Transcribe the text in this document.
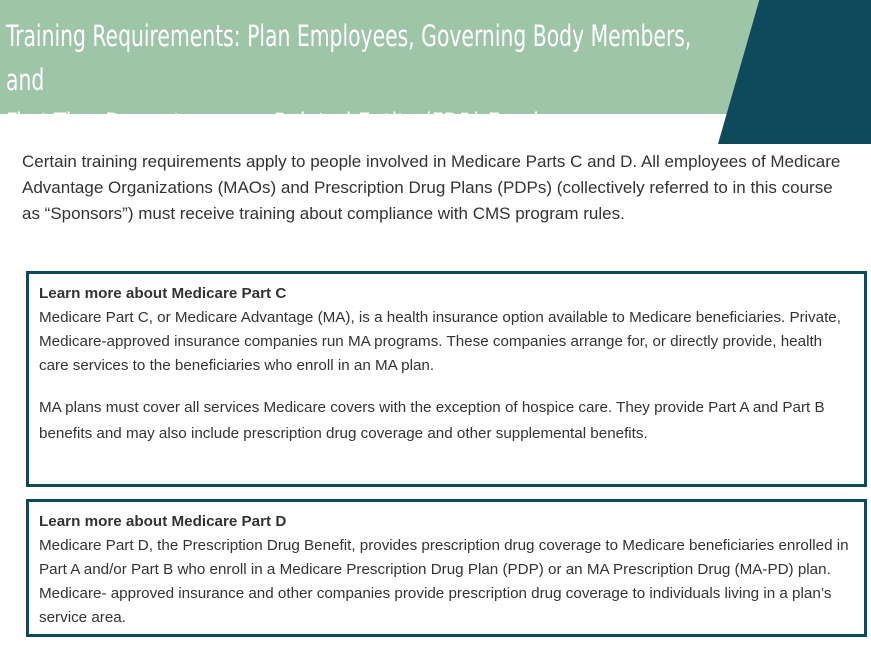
Training Requirements: Plan Employees, Governing Body Members, and
First-Tier, Downstream, or Related Entity (FDR) Employees

Certain training requirements apply to people involved in Medicare Parts C and D. All employees of Medicare Advantage Organizations (MAOs) and Prescription Drug Plans (PDPs) (collectively referred to in this course as “Sponsors”) must receive training about compliance with CMS program rules.

Learn more about Medicare Part C

Medicare Part C, or Medicare Advantage (MA), is a health insurance option available to Medicare beneficiaries. Private, Medicare-approved insurance companies run MA programs. These companies arrange for, or directly provide, health care services to the beneficiaries who enroll in an MA plan.

MA plans must cover all services Medicare covers with the exception of hospice care. They provide Part A and Part B benefits and may also include prescription drug coverage and other supplemental benefits.

Learn more about Medicare Part D

Medicare Part D, the Prescription Drug Benefit, provides prescription drug coverage to Medicare beneficiaries enrolled in Part A and/or Part B who enroll in a Medicare Prescription Drug Plan (PDP) or an MA Prescription Drug (MA-PD) plan. Medicare- approved insurance and other companies provide prescription drug coverage to individuals living in a plan’s service area.
